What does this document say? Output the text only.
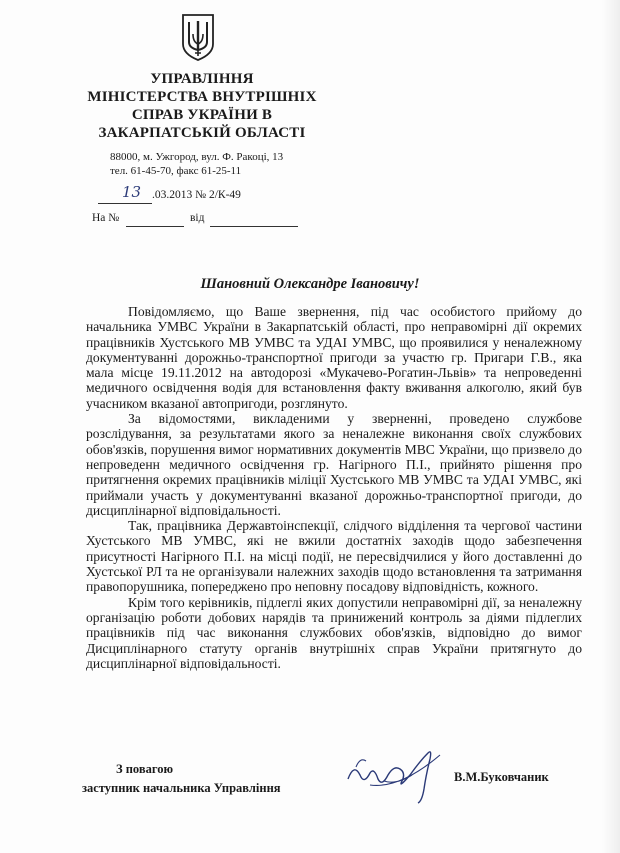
УПРАВЛІННЯ
МІНІСТЕРСТВА ВНУТРІШНІХ
СПРАВ УКРАЇНИ В
ЗАКАРПАТСЬКІЙ ОБЛАСТІ
88000, м. Ужгород, вул. Ф. Ракоці, 13
тел. 61-45-70, факс 61-25-11
13 .03.2013 № 2/К-49
На №	від
Шановний Олександре Івановичу!

Повідомляємо, що Ваше звернення, під час особистого прийому до начальника УМВС України в Закарпатській області, про неправомірні дії окремих працівників Хустського МВ УМВС та УДАІ УМВС, що проявилися у неналежному документуванні дорожньо-транспортної пригоди за участю гр. Пригари Г.В., яка мала місце 19.11.2012 на автодорозі «Мукачево-Рогатин-Львів» та непроведенні медичного освідчення водія для встановлення факту вживання алкоголю, який був учасником вказаної автопригоди, розглянуто.

За відомостями, викладеними у зверненні, проведено службове розслідування, за результатами якого за неналежне виконання своїх службових обов'язків, порушення вимог нормативних документів МВС України, що призвело до непроведенн медичного освідчення гр. Нагірного П.І., прийнято рішення про притягнення окремих працівників міліції Хустського МВ УМВС та УДАІ УМВС, які приймали участь у документуванні вказаної дорожньо-транспортної пригоди, до дисциплінарної відповідальності.

Так, працівника Державтоінспекції, слідчого відділення та чергової частини Хустського МВ УМВС, які не вжили достатніх заходів щодо забезпечення присутності Нагірного П.І. на місці події, не пересвідчилися у його доставленні до Хустської РЛ та не організували належних заходів щодо встановлення та затримання правопорушника, попереджено про неповну посадову відповідність, кожного.

Крім того керівників, підлеглі яких допустили неправомірні дії, за неналежну організацію роботи добових нарядів та принижений контроль за діями підлеглих працівників під час виконання службових обов'язків, відповідно до вимог Дисциплінарного статуту органів внутрішніх справ України притягнуто до дисциплінарної відповідальності.

З повагою
заступник начальника Управління
В.М.Буковчаник
